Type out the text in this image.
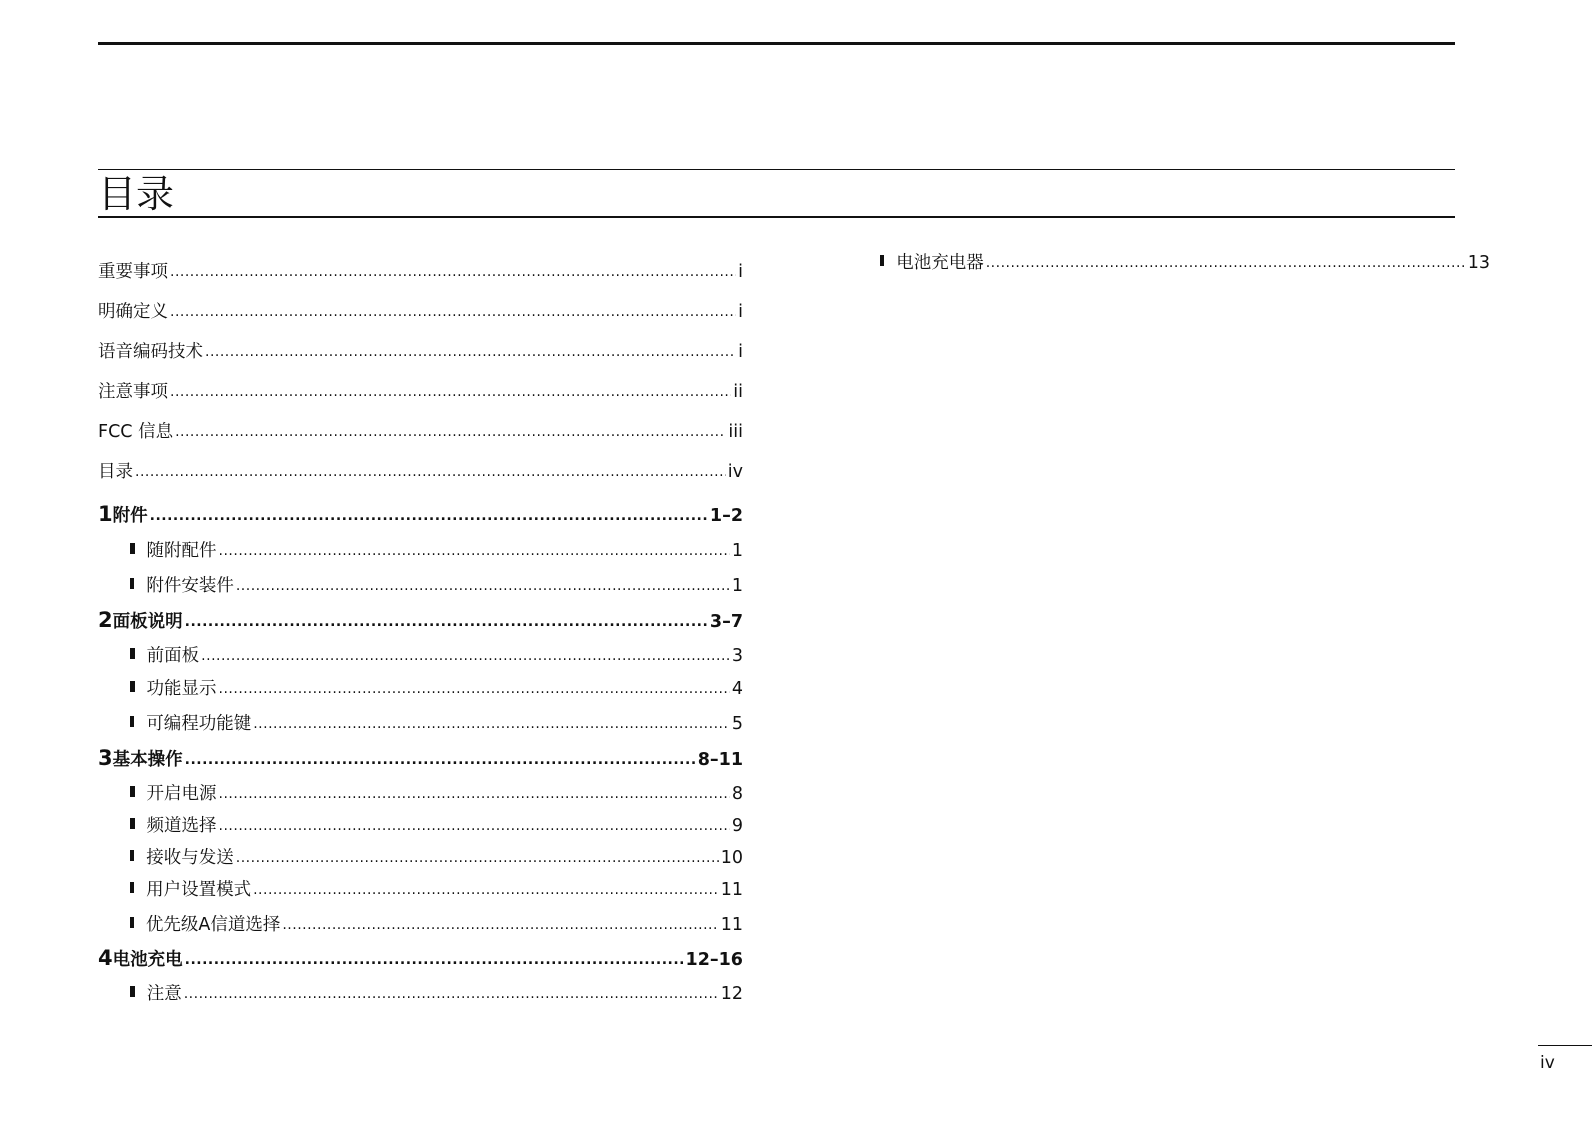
目录
重要事项 .....	i
明确定义 .....	i
语音编码技术 .....	i
注意事项 .....	ii
FCC 信息 .....	iii
目录 .....	iv
1 附件 .....	1–2
随附配件 .....	1
附件安装件 .....	1
2 面板说明 .....	3–7
前面板 .....	3
功能显示 .....	4
可编程功能键 .....	5
3 基本操作 .....	8–11
开启电源 .....	8
频道选择 .....	9
接收与发送 .....	10
用户设置模式 .....	11
优先级A信道选择 .....	11
4 电池充电 .....	12–16
注意 .....	12
电池充电器 .....	13
iv
